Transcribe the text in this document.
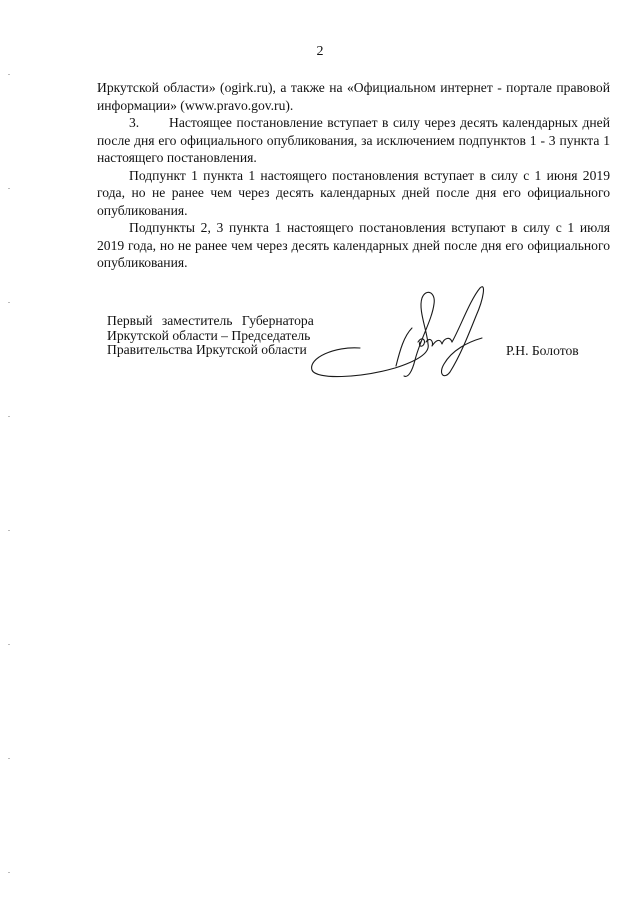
2

Иркутской области» (ogirk.ru), а также на «Официальном интернет - портале правовой информации» (www.pravo.gov.ru).

3. Настоящее постановление вступает в силу через десять календарных дней после дня его официального опубликования, за исключением подпунктов 1 - 3 пункта 1 настоящего постановления.

Подпункт 1 пункта 1 настоящего постановления вступает в силу с 1 июня 2019 года, но не ранее чем через десять календарных дней после дня его официального опубликования.

Подпункты 2, 3 пункта 1 настоящего постановления вступают в силу с 1 июля 2019 года, но не ранее чем через десять календарных дней после дня его официального опубликования.

Первый заместитель Губернатора
Иркутской области – Председатель
Правительства Иркутской области	Р.Н. Болотов
